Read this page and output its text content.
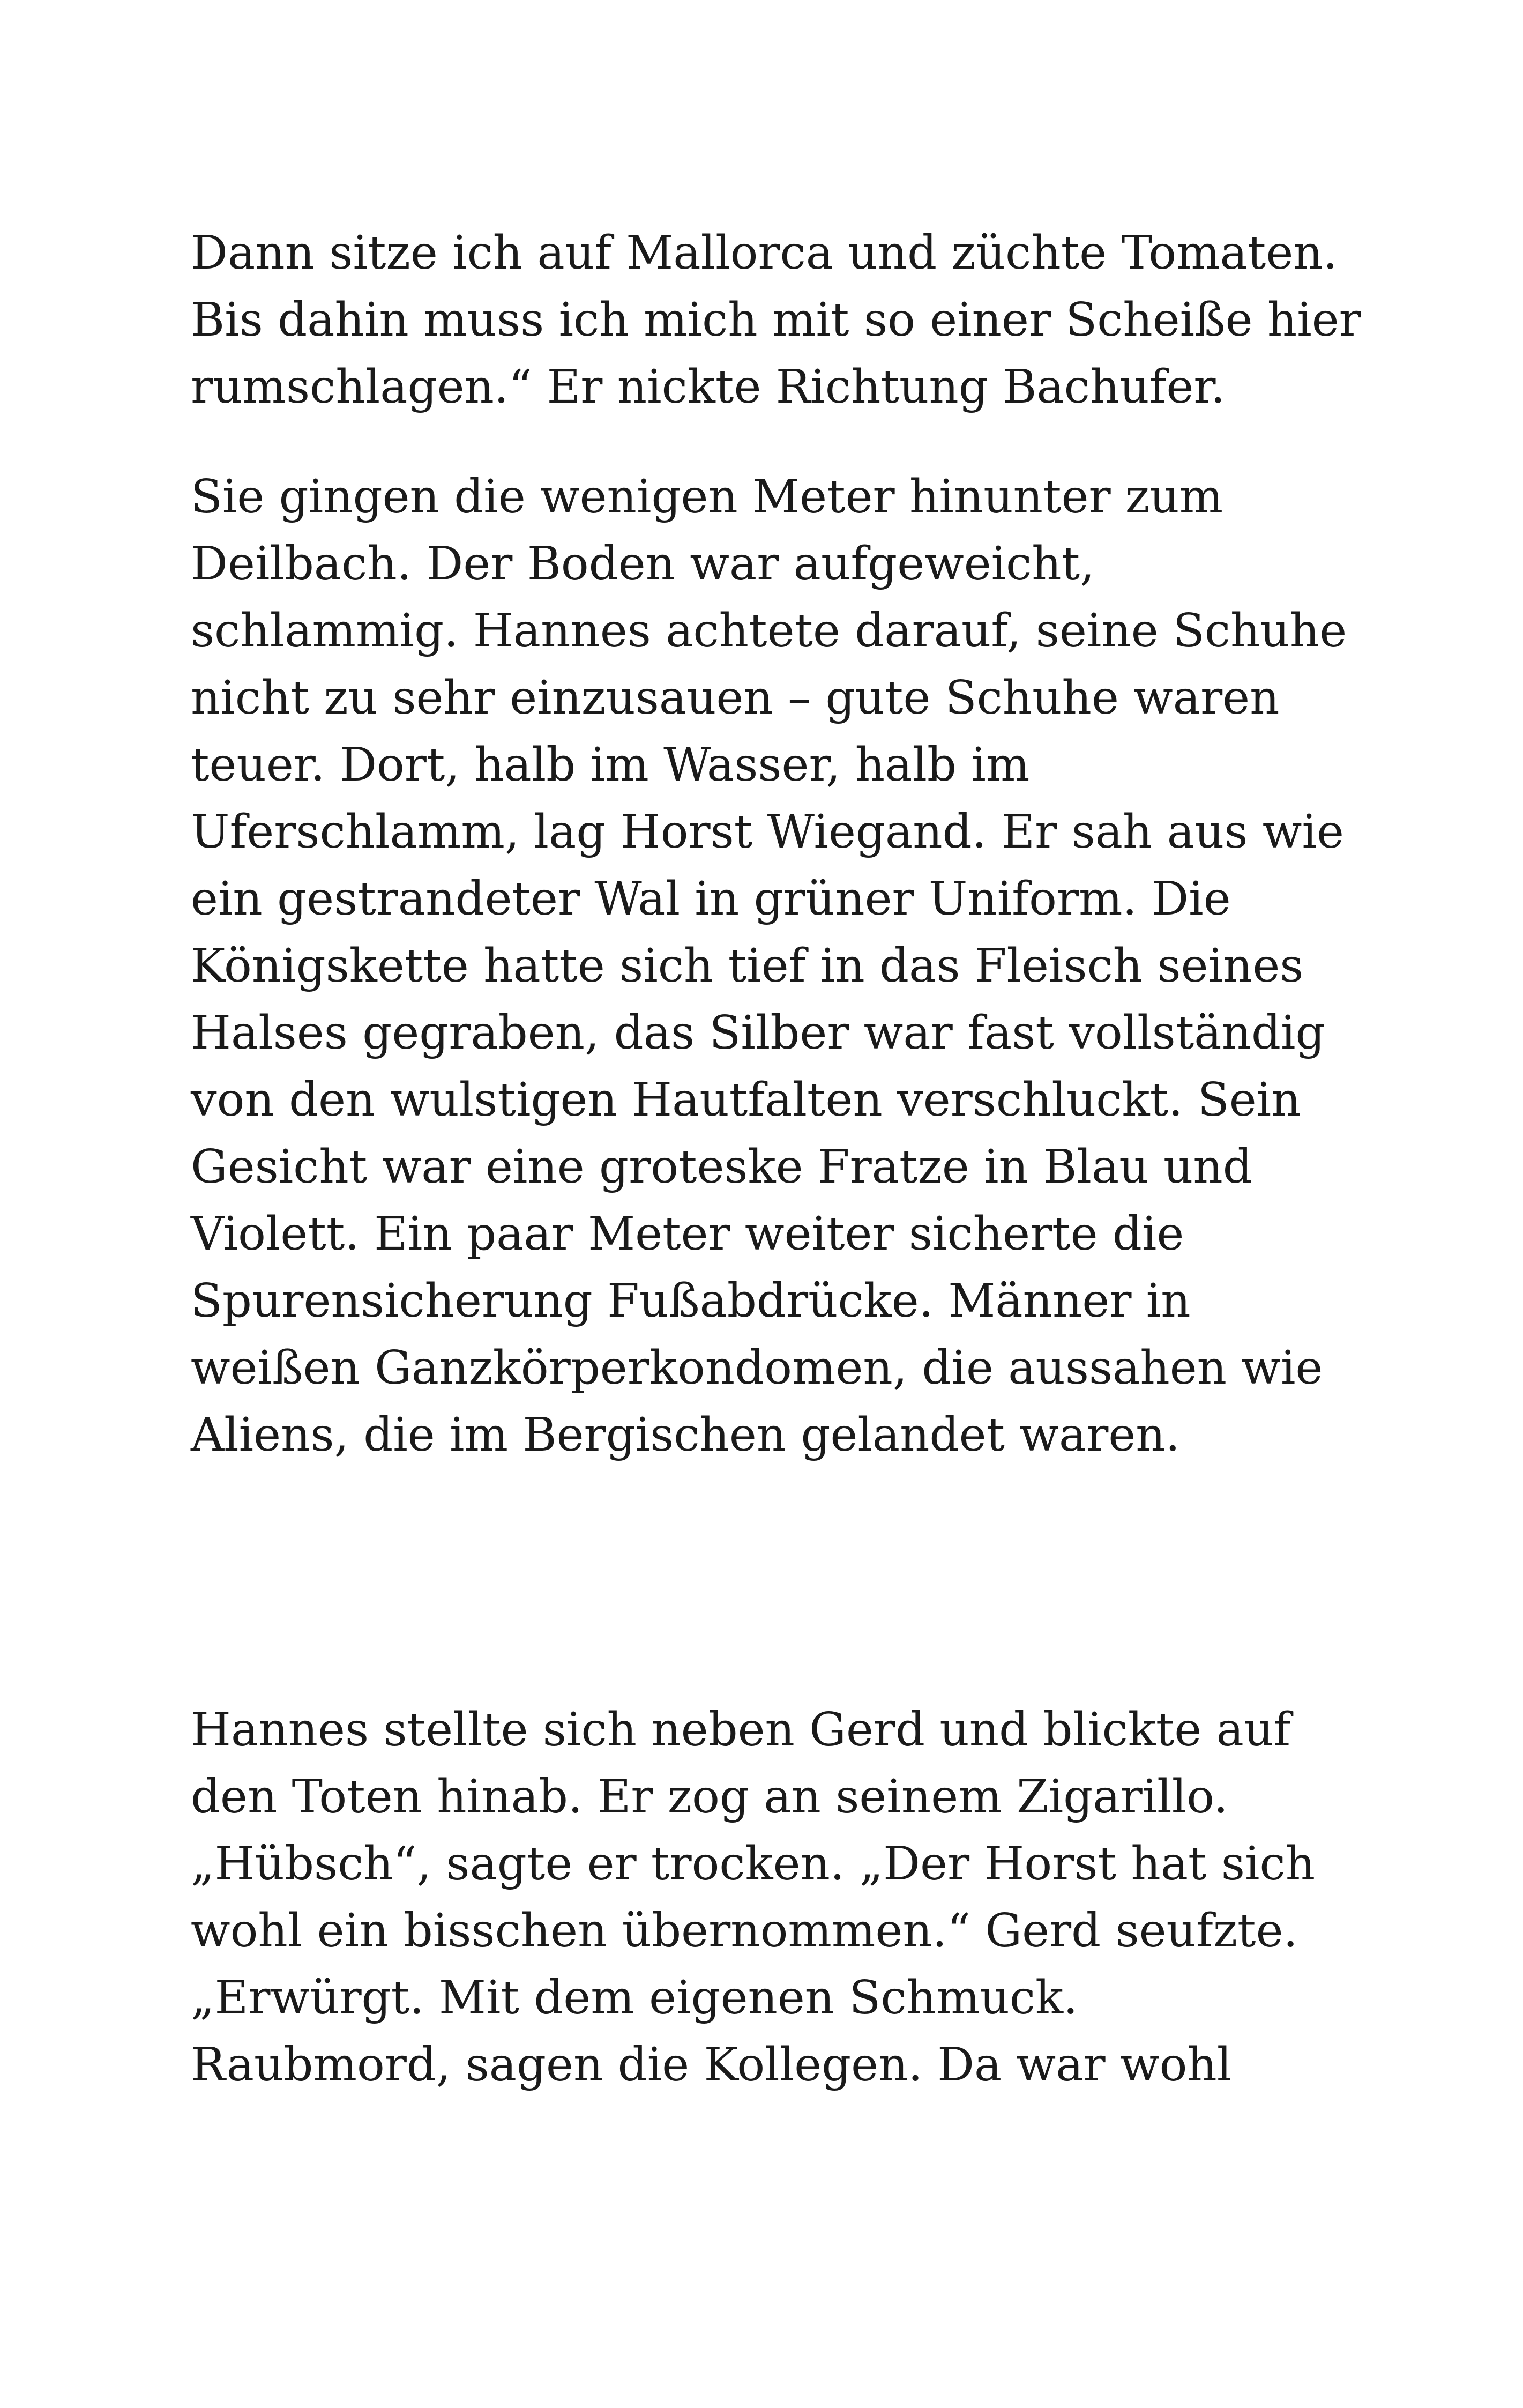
Dann sitze ich auf Mallorca und züchte Tomaten.
Bis dahin muss ich mich mit so einer Scheiße hier
rumschlagen.“ Er nickte Richtung Bachufer.

Sie gingen die wenigen Meter hinunter zum
Deilbach. Der Boden war aufgeweicht,
schlammig. Hannes achtete darauf, seine Schuhe
nicht zu sehr einzusauen – gute Schuhe waren
teuer. Dort, halb im Wasser, halb im
Uferschlamm, lag Horst Wiegand. Er sah aus wie
ein gestrandeter Wal in grüner Uniform. Die
Königskette hatte sich tief in das Fleisch seines
Halses gegraben, das Silber war fast vollständig
von den wulstigen Hautfalten verschluckt. Sein
Gesicht war eine groteske Fratze in Blau und
Violett. Ein paar Meter weiter sicherte die
Spurensicherung Fußabdrücke. Männer in
weißen Ganzkörperkondomen, die aussahen wie
Aliens, die im Bergischen gelandet waren.

Hannes stellte sich neben Gerd und blickte auf
den Toten hinab. Er zog an seinem Zigarillo.
„Hübsch“, sagte er trocken. „Der Horst hat sich
wohl ein bisschen übernommen.“ Gerd seufzte.
„Erwürgt. Mit dem eigenen Schmuck.
Raubmord, sagen die Kollegen. Da war wohl
